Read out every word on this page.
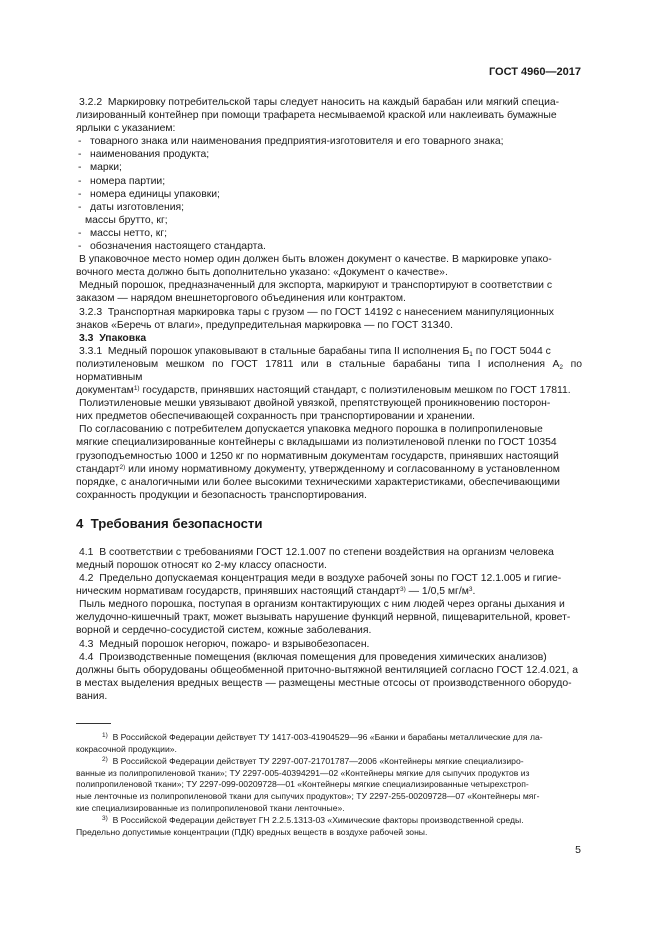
ГОСТ 4960—2017
3.2.2 Маркировку потребительской тары следует наносить на каждый барабан или мягкий специа-
лизированный контейнер при помощи трафарета несмываемой краской или наклеивать бумажные
ярлыки с указанием:
- товарного знака или наименования предприятия-изготовителя и его товарного знака;
- наименования продукта;
- марки;
- номера партии;
- номера единицы упаковки;
- даты изготовления;
массы брутто, кг;
- массы нетто, кг;
- обозначения настоящего стандарта.
В упаковочное место номер один должен быть вложен документ о качестве. В маркировке упако-
вочного места должно быть дополнительно указано: «Документ о качестве».
Медный порошок, предназначенный для экспорта, маркируют и транспортируют в соответствии с
заказом — нарядом внешнеторгового объединения или контрактом.
3.2.3 Транспортная маркировка тары с грузом — по ГОСТ 14192 с нанесением манипуляционных
знаков «Беречь от влаги», предупредительная маркировка — по ГОСТ 31340.
3.3 Упаковка
3.3.1 Медный порошок упаковывают в стальные барабаны типа II исполнения $Б_1$ по ГОСТ 5044 с
полиэтиленовым мешком по ГОСТ 17811 или в стальные барабаны типа I исполнения $А_2$ по нормативным
документам$^{1)}$ государств, принявших настоящий стандарт, с полиэтиленовым мешком по ГОСТ 17811.
Полиэтиленовые мешки увязывают двойной увязкой, препятствующей проникновению посторон-
них предметов обеспечивающей сохранность при транспортировании и хранении.
По согласованию с потребителем допускается упаковка медного порошка в полипропиленовые
мягкие специализированные контейнеры с вкладышами из полиэтиленовой пленки по ГОСТ 10354
грузоподъемностью 1000 и 1250 кг по нормативным документам государств, принявших настоящий
стандарт$^{2)}$ или иному нормативному документу, утвержденному и согласованному в установленном
порядке, с аналогичными или более высокими техническими характеристиками, обеспечивающими
сохранность продукции и безопасность транспортирования.
4 Требования безопасности
4.1 В соответствии с требованиями ГОСТ 12.1.007 по степени воздействия на организм человека
медный порошок относят ко 2-му классу опасности.
4.2 Предельно допускаемая концентрация меди в воздухе рабочей зоны по ГОСТ 12.1.005 и гигие-
ническим нормативам государств, принявших настоящий стандарт$^{3)}$ — 1/0,5 $мг/м^3$.
Пыль медного порошка, поступая в организм контактирующих с ним людей через органы дыхания и
желудочно-кишечный тракт, может вызывать нарушение функций нервной, пищеварительной, кровет-
ворной и сердечно-сосудистой систем, кожные заболевания.
4.3 Медный порошок негорюч, пожаро- и взрывобезопасен.
4.4 Производственные помещения (включая помещения для проведения химических анализов)
должны быть оборудованы общеобменной приточно-вытяжной вентиляцией согласно ГОСТ 12.4.021, а
в местах выделения вредных веществ — размещены местные отсосы от производственного оборудо-
вания.
$^{1)}$ В Российской Федерации действует ТУ 1417-003-41904529—96 «Банки и барабаны металлические для ла-
кокрасочной продукции».
$^{2)}$ В Российской Федерации действует ТУ 2297-007-21701787—2006 «Контейнеры мягкие специализиро-
ванные из полипропиленовой ткани»; ТУ 2297-005-40394291—02 «Контейнеры мягкие для сыпучих продуктов из
полипропиленовой ткани»; ТУ 2297-099-00209728—01 «Контейнеры мягкие специализированные четырехстроп-
ные ленточные из полипропиленовой ткани для сыпучих продуктов»; ТУ 2297-255-00209728—07 «Контейнеры мяг-
кие специализированные из полипропиленовой ткани ленточные».
$^{3)}$ В Российской Федерации действует ГН 2.2.5.1313-03 «Химические факторы производственной среды.
Предельно допустимые концентрации (ПДК) вредных веществ в воздухе рабочей зоны.
5
